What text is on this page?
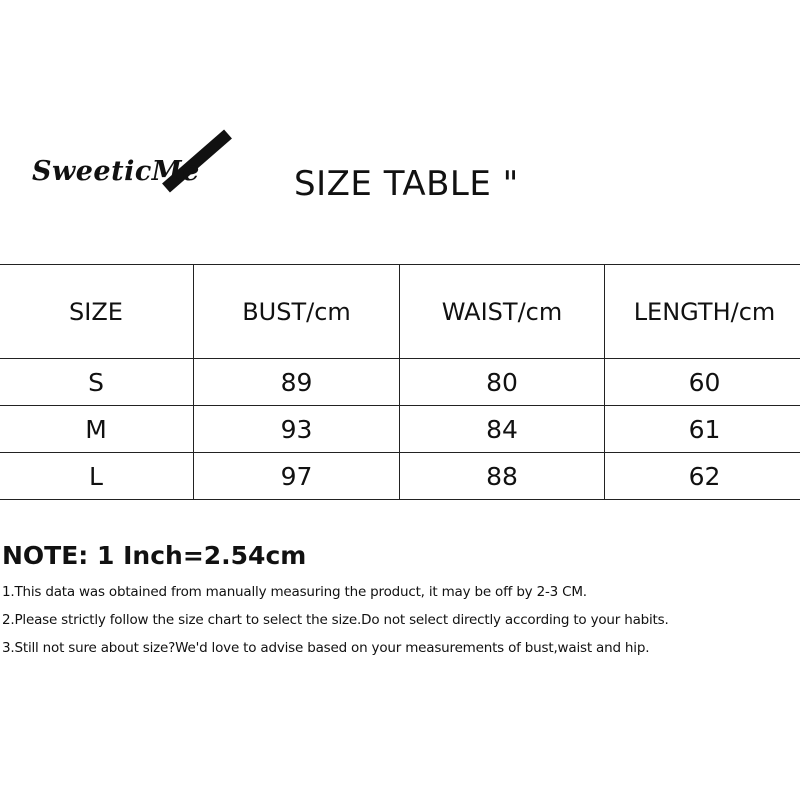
SweeticMe	SIZE TABLE "
SIZE	BUST/cm	WAIST/cm	LENGTH/cm
S	89	80	60
M	93	84	61
L	97	88	62
NOTE: 1 Inch=2.54cm
1.This data was obtained from manually measuring the product, it may be off by 2-3 CM.
2.Please strictly follow the size chart to select the size.Do not select directly according to your habits.
3.Still not sure about size?We'd love to advise based on your measurements of bust,waist and hip.
